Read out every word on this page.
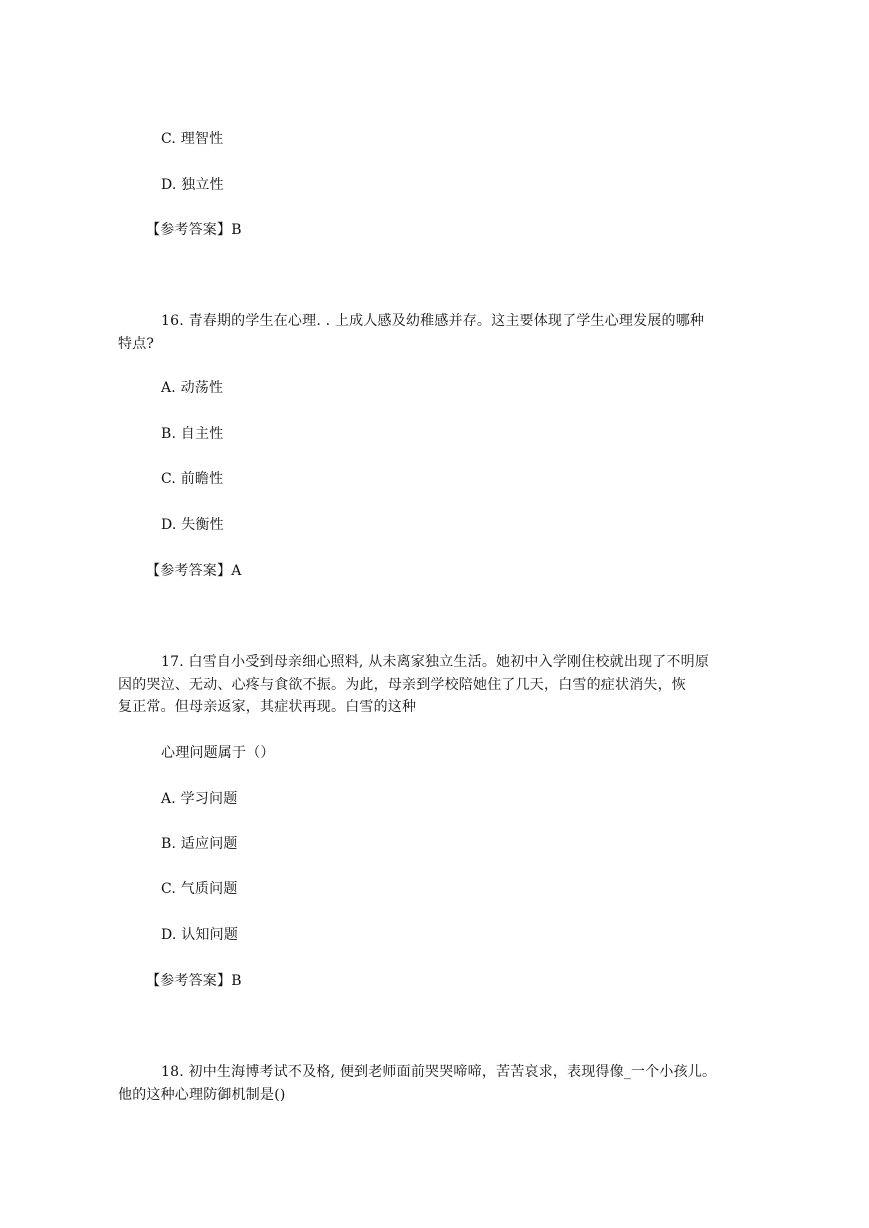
C. 理智性
D. 独立性
【参考答案】B
16. 青春期的学生在心理. . 上成人感及幼稚感并存。这主要体现了学生心理发展的哪种
特点?
A. 动荡性
B. 自主性
C. 前瞻性
D. 失衡性
【参考答案】A
17. 白雪自小受到母亲细心照料, 从未离家独立生活。她初中入学刚住校就出现了不明原
因的哭泣、无动、心疼与食欲不振。为此，母亲到学校陪她住了几天，白雪的症状消失，恢
复正常。但母亲返家，其症状再现。白雪的这种
心理问题属于（）
A. 学习问题
B. 适应问题
C. 气质问题
D. 认知问题
【参考答案】B
18. 初中生海博考试不及格, 便到老师面前哭哭啼啼，苦苦哀求，表现得像_一个小孩儿。
他的这种心理防御机制是()
